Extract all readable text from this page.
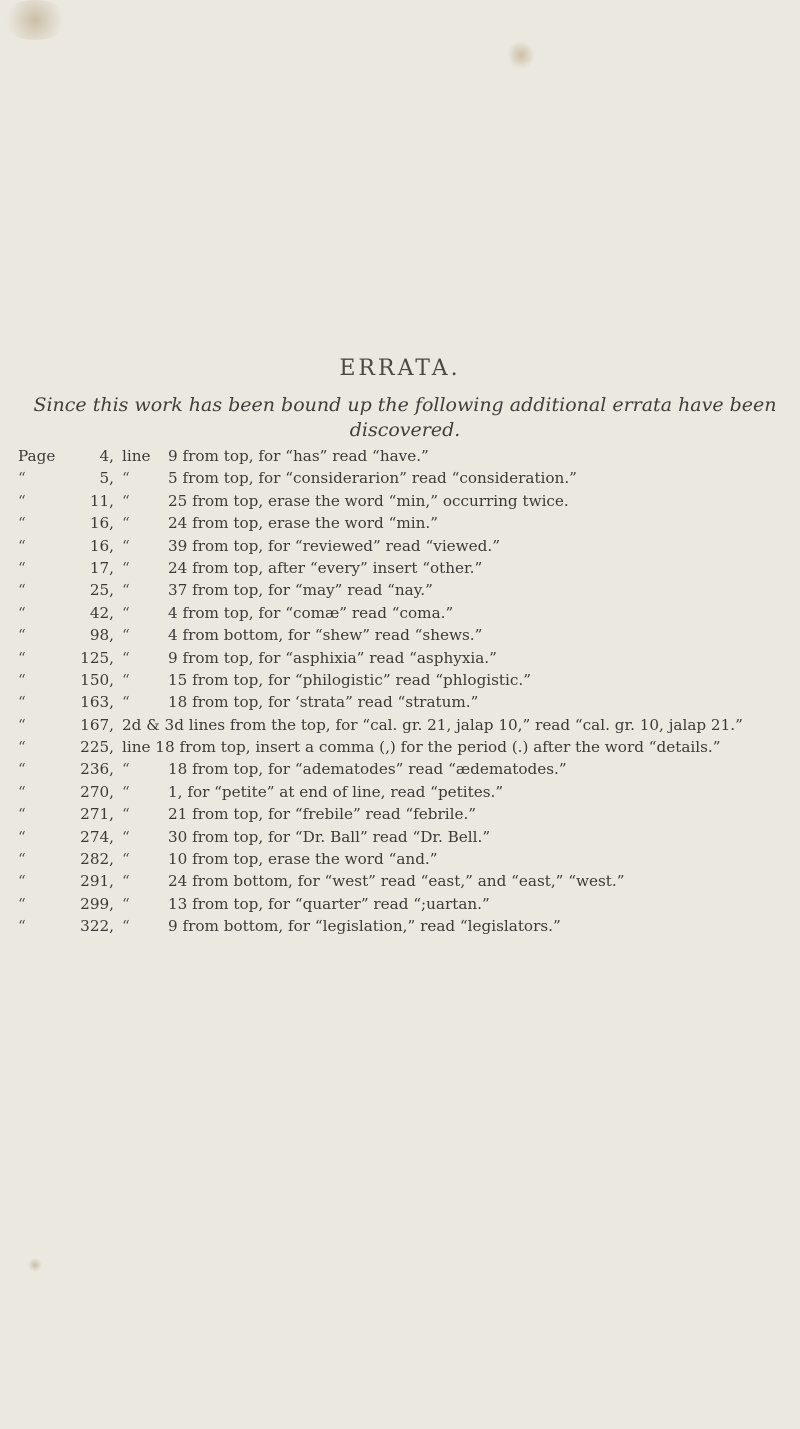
ERRATA.

Since this work has been bound up the following additional errata have been discovered.

Page	4, line	9 from top, for “has” read “have.”
“	5, “	5 from top, for “considerarion” read “consideration.”
“	11, “	25 from top, erase the word “min,” occurring twice.
“	16, “	24 from top, erase the word “min.”
“	16, “	39 from top, for “reviewed” read “viewed.”
“	17, “	24 from top, after “every” insert “other.”
“	25, “	37 from top, for “may” read “nay.”
“	42, “	4 from top, for “comæ” read “coma.”
“	98, “	4 from bottom, for “shew” read “shews.”
“	125, “	9 from top, for “asphixia” read “asphyxia.”
“	150, “	15 from top, for “philogistic” read “phlogistic.”
“	163, “	18 from top, for ‘strata” read “stratum.”
“	167, 2d & 3d lines from the top, for “cal. gr. 21, jalap 10,” read “cal. gr. 10, jalap 21.”
“	225, line 18 from top, insert a comma (,) for the period (.) after the word “details.”
“	236, “	18 from top, for “adematodes” read “ædematodes.”
“	270, “	1, for “petite” at end of line, read “petites.”
“	271, “	21 from top, for “frebile” read “febrile.”
“	274, “	30 from top, for “Dr. Ball” read “Dr. Bell.”
“	282, “	10 from top, erase the word “and.”
“	291, “	24 from bottom, for “west” read “east,” and “east,” “west.”
“	299, “	13 from top, for “quarter” read “;uartan.”
“	322, “	9 from bottom, for “legislation,” read “legislators.”
